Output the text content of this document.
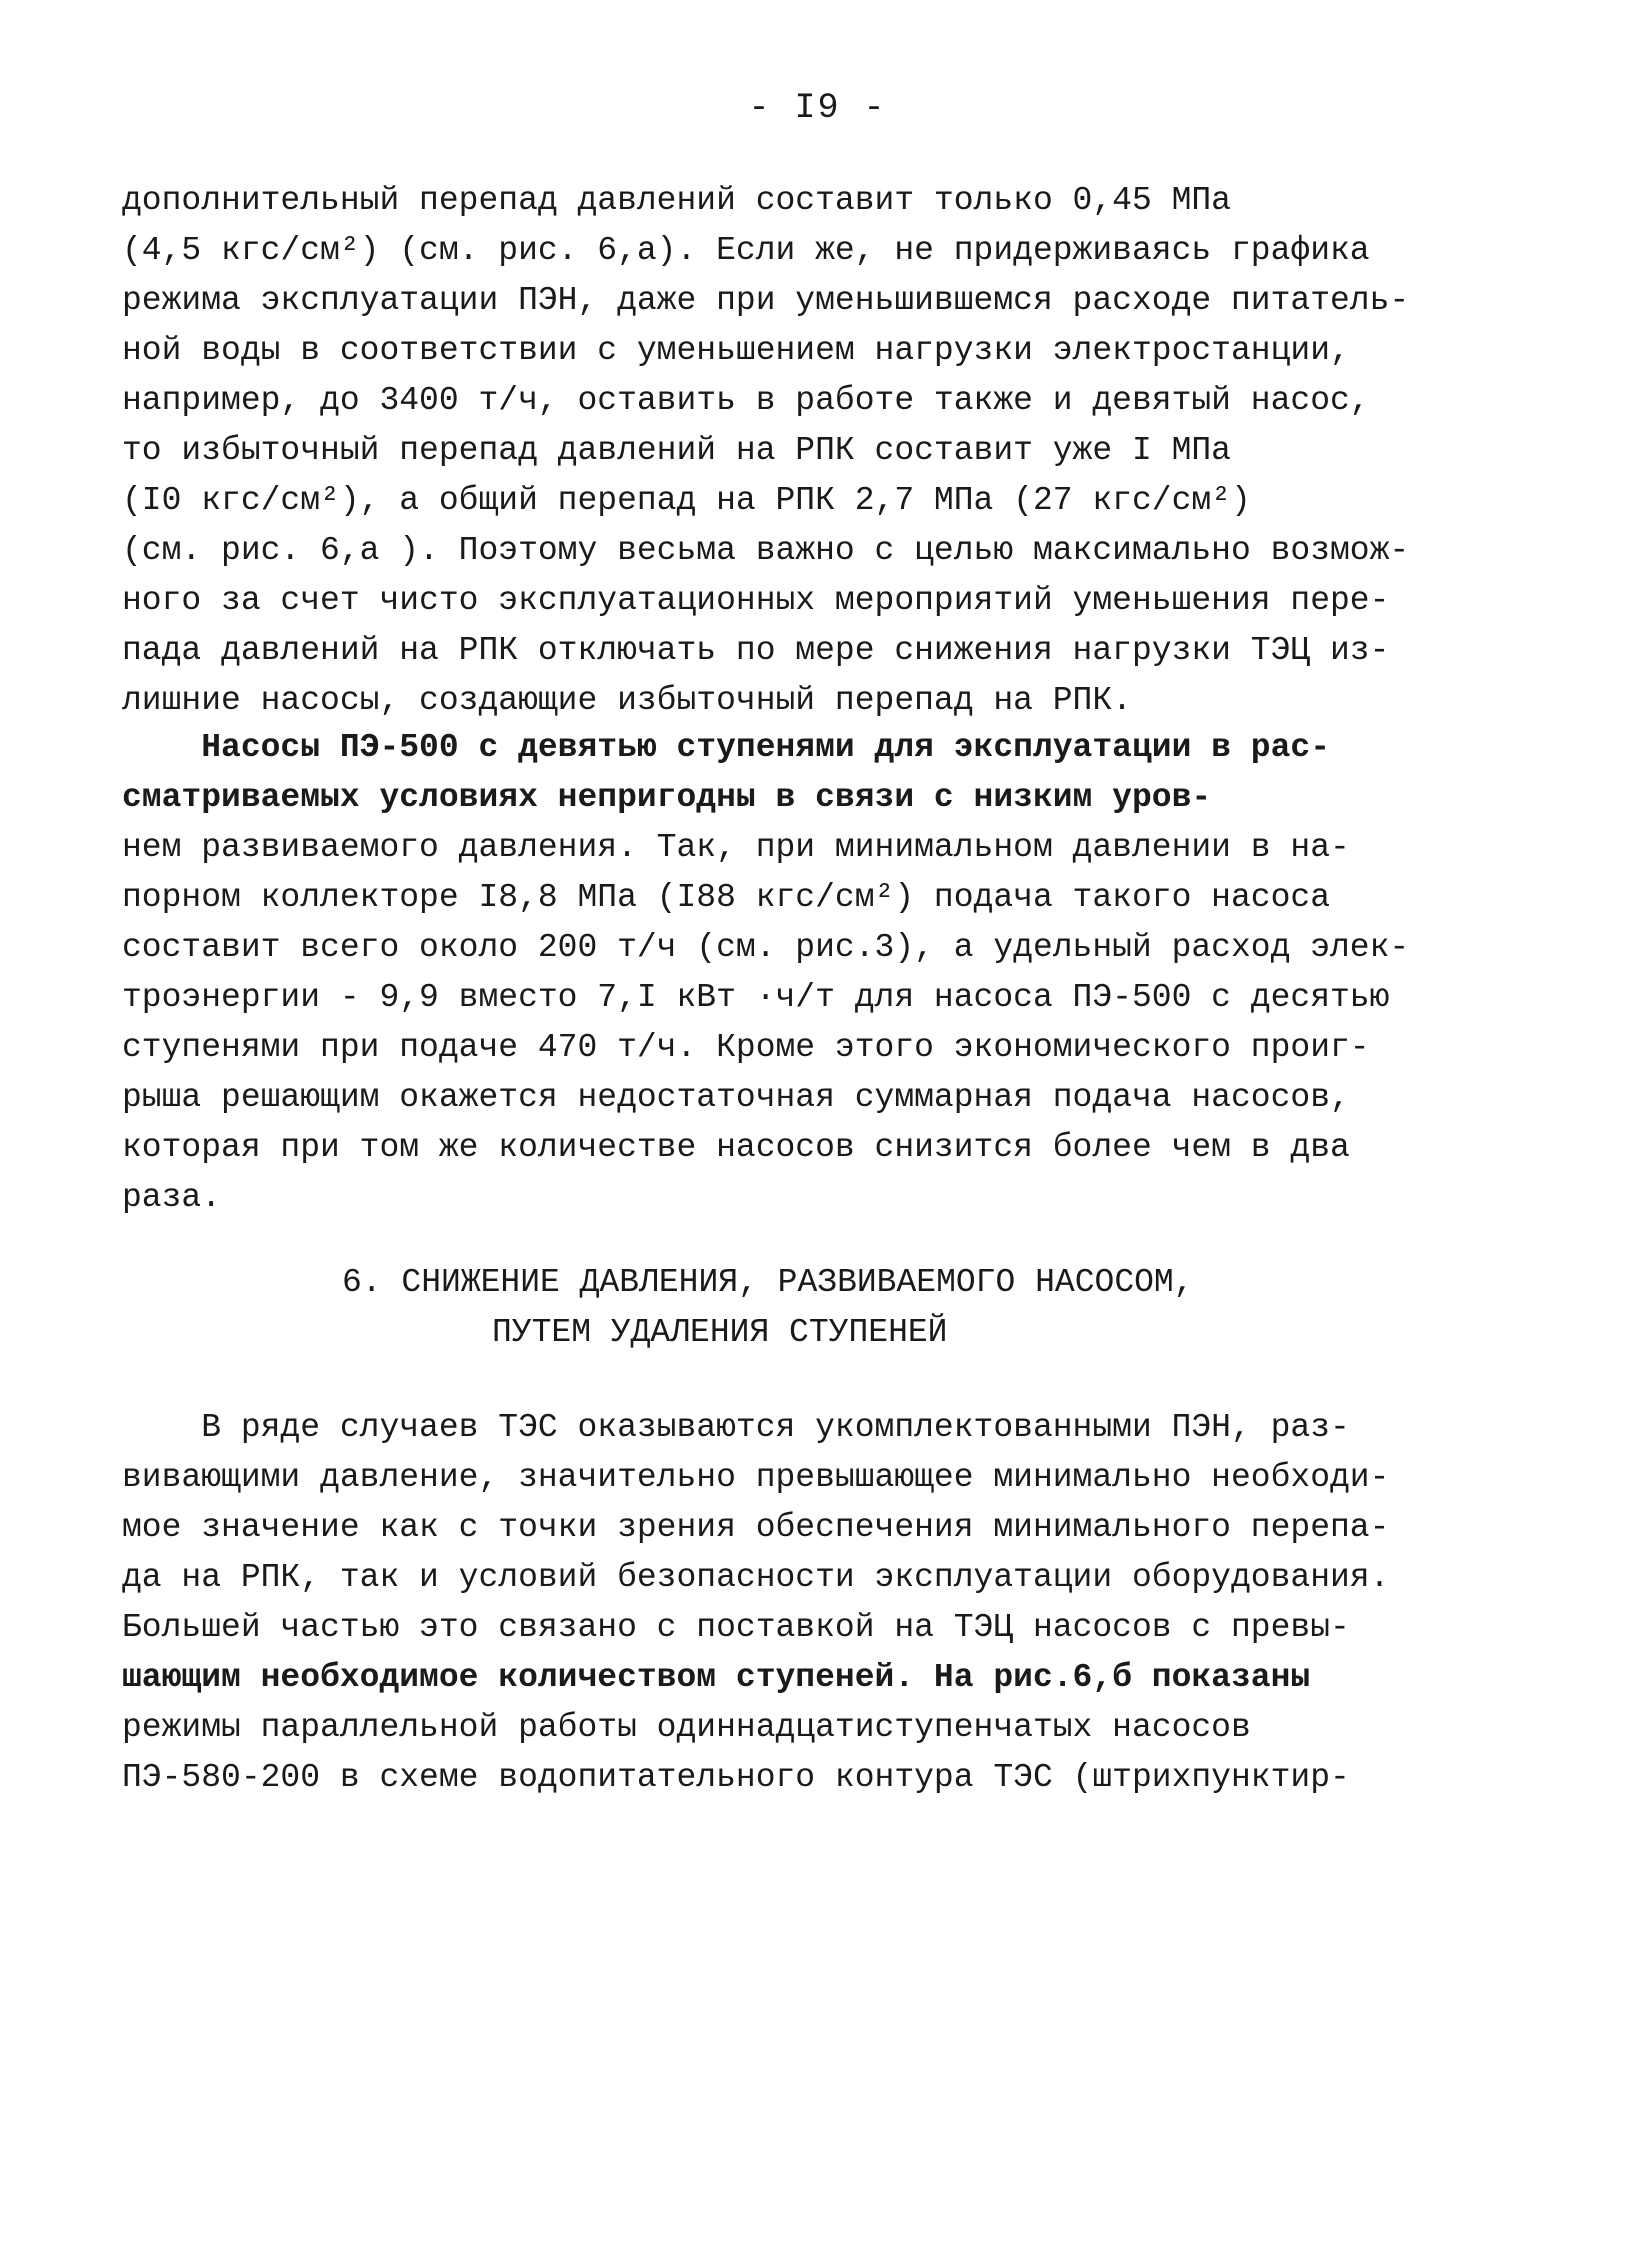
- I9 -
дополнительный перепад давлений составит только 0,45 МПа
(4,5 кгс/см²) (см. рис. 6,а). Если же, не придерживаясь графика
режима эксплуатации ПЭН, даже при уменьшившемся расходе питатель-
ной воды в соответствии с уменьшением нагрузки электростанции,
например, до 3400 т/ч, оставить в работе также и девятый насос,
то избыточный перепад давлений на РПК составит уже I МПа
(I0 кгс/см²), а общий перепад на РПК 2,7 МПа (27 кгс/см²)
(см. рис. 6,а ). Поэтому весьма важно с целью максимально возмож-
ного за счет чисто эксплуатационных мероприятий уменьшения пере-
пада давлений на РПК отключать по мере снижения нагрузки ТЭЦ из-
лишние насосы, создающие избыточный перепад на РПК.
Насосы ПЭ-500 с девятью ступенями для эксплуатации в рас-
сматриваемых условиях непригодны в связи с низким уров-
нем развиваемого давления. Так, при минимальном давлении в на-
порном коллекторе I8,8 МПа (I88 кгс/см²) подача такого насоса
составит всего около 200 т/ч (см. рис.3), а удельный расход элек-
троэнергии - 9,9 вместо 7,I кВт ·ч/т для насоса ПЭ-500 с десятью
ступенями при подаче 470 т/ч. Кроме этого экономического проиг-
рыша решающим окажется недостаточная суммарная подача насосов,
которая при том же количестве насосов снизится более чем в два
раза.
6. СНИЖЕНИЕ ДАВЛЕНИЯ, РАЗВИВАЕМОГО НАСОСОМ,
ПУТЕМ УДАЛЕНИЯ СТУПЕНЕЙ
В ряде случаев ТЭС оказываются укомплектованными ПЭН, раз-
вивающими давление, значительно превышающее минимально необходи-
мое значение как с точки зрения обеспечения минимального перепа-
да на РПК, так и условий безопасности эксплуатации оборудования.
Большей частью это связано с поставкой на ТЭЦ насосов с превы-
шающим необходимое количеством ступеней. На рис.6,б показаны
режимы параллельной работы одиннадцатиступенчатых насосов
ПЭ-580-200 в схеме водопитательного контура ТЭС (штрихпунктир-
